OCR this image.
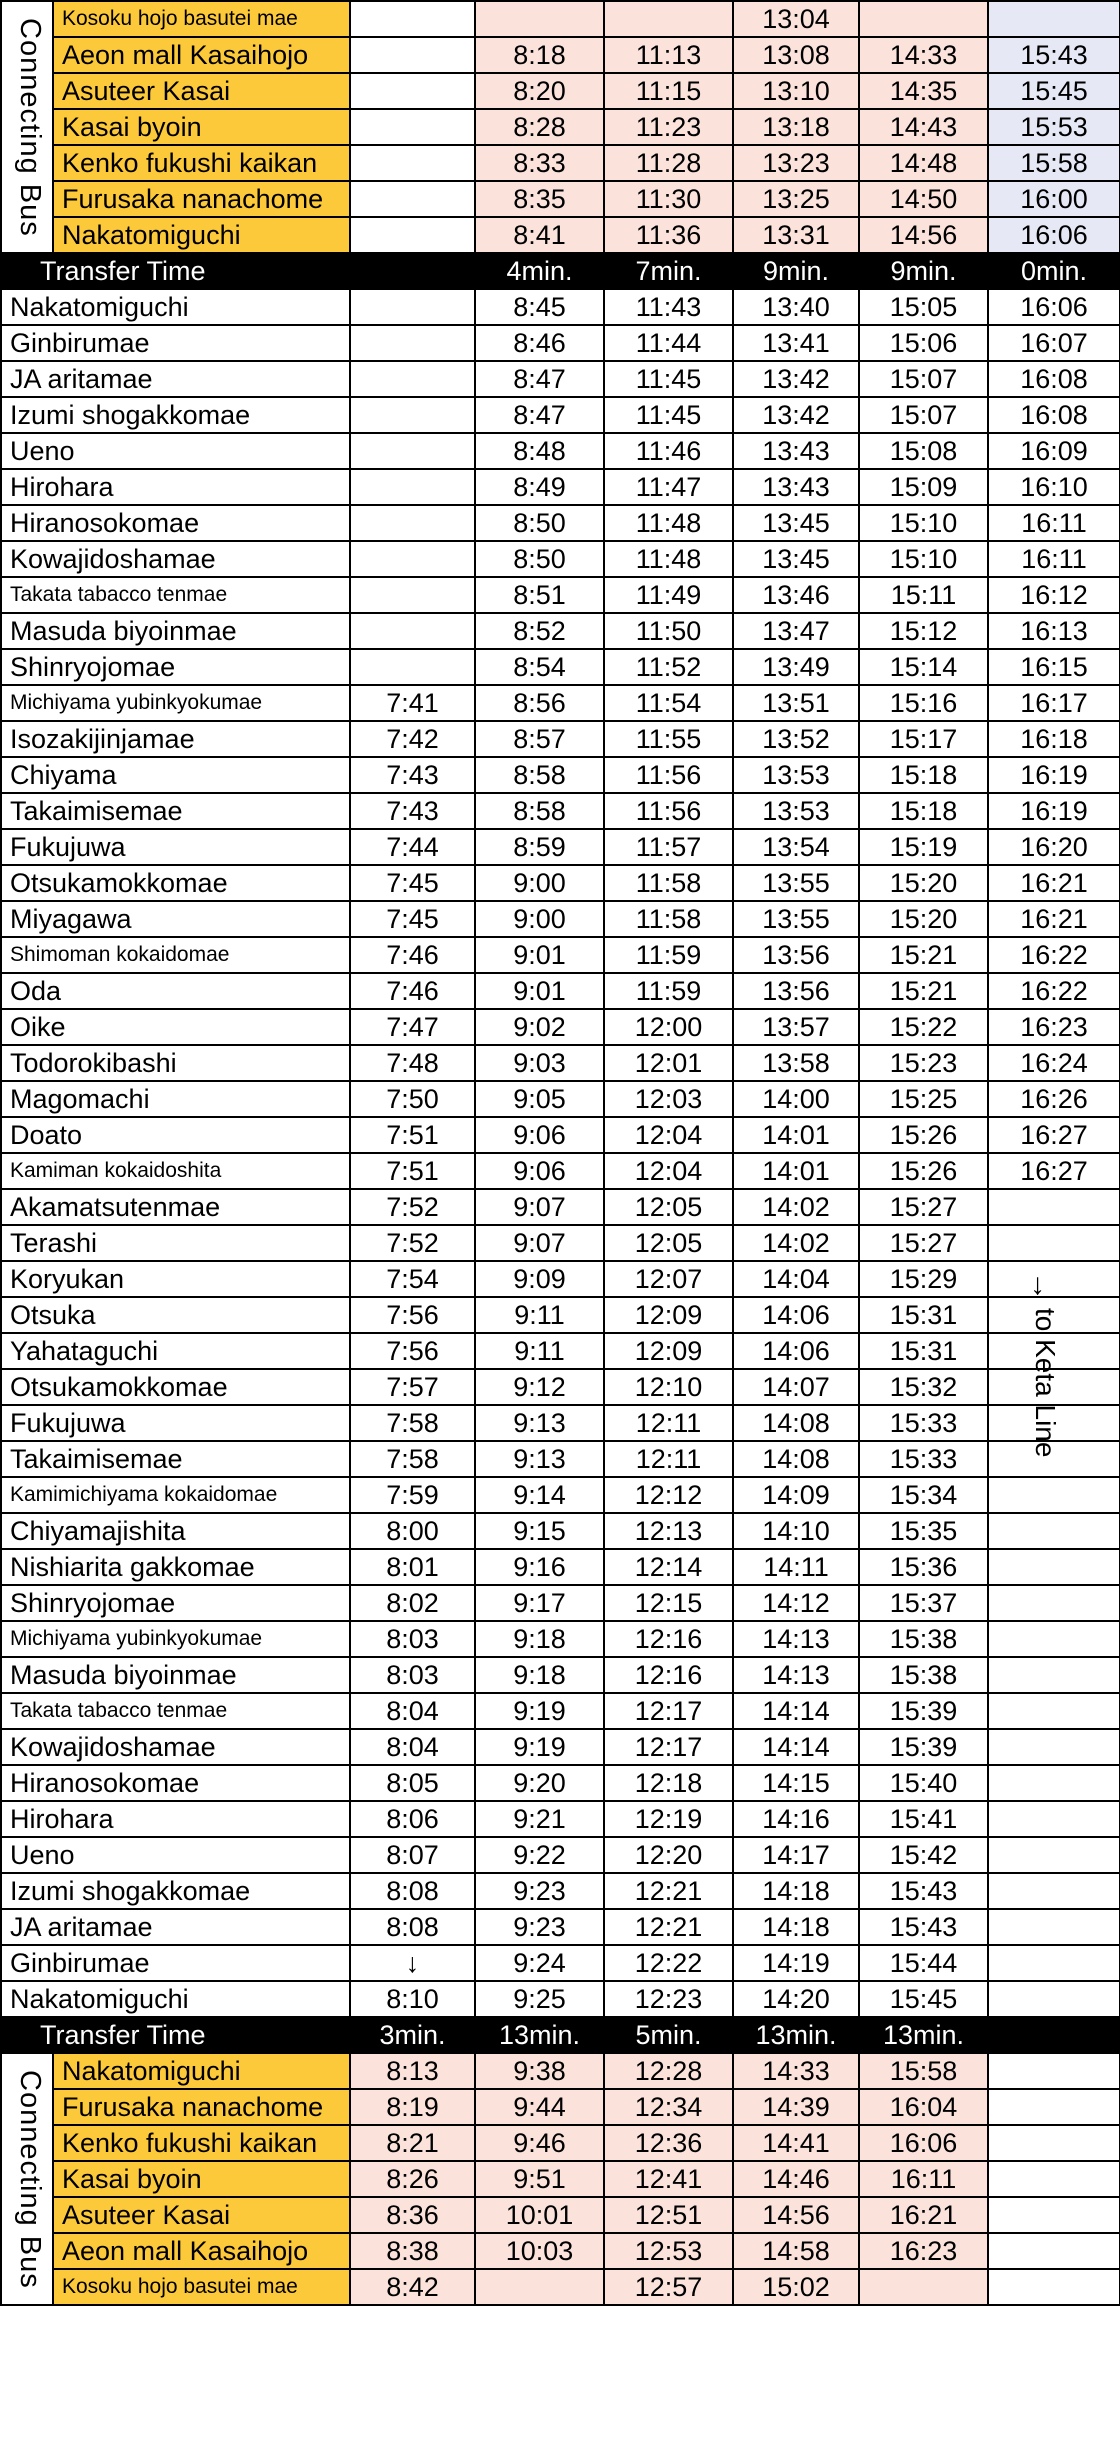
Connecting Bus	Kosoku hojo basutei mae				13:04		
	Aeon mall Kasaihojo		8:18	11:13	13:08	14:33	15:43
	Asuteer Kasai		8:20	11:15	13:10	14:35	15:45
	Kasai byoin		8:28	11:23	13:18	14:43	15:53
	Kenko fukushi kaikan		8:33	11:28	13:23	14:48	15:58
	Furusaka nanachome		8:35	11:30	13:25	14:50	16:00
	Nakatomiguchi		8:41	11:36	13:31	14:56	16:06
Transfer Time			4min.	7min.	9min.	9min.	0min.
Nakatomiguchi			8:45	11:43	13:40	15:05	16:06
Ginbirumae			8:46	11:44	13:41	15:06	16:07
JA aritamae			8:47	11:45	13:42	15:07	16:08
Izumi shogakkomae			8:47	11:45	13:42	15:07	16:08
Ueno			8:48	11:46	13:43	15:08	16:09
Hirohara			8:49	11:47	13:43	15:09	16:10
Hiranosokomae			8:50	11:48	13:45	15:10	16:11
Kowajidoshamae			8:50	11:48	13:45	15:10	16:11
Takata tabacco tenmae			8:51	11:49	13:46	15:11	16:12
Masuda biyoinmae			8:52	11:50	13:47	15:12	16:13
Shinryojomae			8:54	11:52	13:49	15:14	16:15
Michiyama yubinkyokumae		7:41	8:56	11:54	13:51	15:16	16:17
Isozakijinjamae		7:42	8:57	11:55	13:52	15:17	16:18
Chiyama		7:43	8:58	11:56	13:53	15:18	16:19
Takaimisemae		7:43	8:58	11:56	13:53	15:18	16:19
Fukujuwa		7:44	8:59	11:57	13:54	15:19	16:20
Otsukamokkomae		7:45	9:00	11:58	13:55	15:20	16:21
Miyagawa		7:45	9:00	11:58	13:55	15:20	16:21
Shimoman kokaidomae		7:46	9:01	11:59	13:56	15:21	16:22
Oda		7:46	9:01	11:59	13:56	15:21	16:22
Oike		7:47	9:02	12:00	13:57	15:22	16:23
Todorokibashi		7:48	9:03	12:01	13:58	15:23	16:24
Magomachi		7:50	9:05	12:03	14:00	15:25	16:26
Doato		7:51	9:06	12:04	14:01	15:26	16:27
Kamiman kokaidoshita		7:51	9:06	12:04	14:01	15:26	16:27
Akamatsutenmae		7:52	9:07	12:05	14:02	15:27	
Terashi		7:52	9:07	12:05	14:02	15:27	
Koryukan		7:54	9:09	12:07	14:04	15:29	
Otsuka		7:56	9:11	12:09	14:06	15:31	
Yahataguchi		7:56	9:11	12:09	14:06	15:31	
Otsukamokkomae		7:57	9:12	12:10	14:07	15:32	
Fukujuwa		7:58	9:13	12:11	14:08	15:33	
Takaimisemae		7:58	9:13	12:11	14:08	15:33	
Kamimichiyama kokaidomae		7:59	9:14	12:12	14:09	15:34	
Chiyamajishita		8:00	9:15	12:13	14:10	15:35	
Nishiarita gakkomae		8:01	9:16	12:14	14:11	15:36	
Shinryojomae		8:02	9:17	12:15	14:12	15:37	
Michiyama yubinkyokumae		8:03	9:18	12:16	14:13	15:38	
Masuda biyoinmae		8:03	9:18	12:16	14:13	15:38	
Takata tabacco tenmae		8:04	9:19	12:17	14:14	15:39	
Kowajidoshamae		8:04	9:19	12:17	14:14	15:39	
Hiranosokomae		8:05	9:20	12:18	14:15	15:40	
Hirohara		8:06	9:21	12:19	14:16	15:41	
Ueno		8:07	9:22	12:20	14:17	15:42	
Izumi shogakkomae		8:08	9:23	12:21	14:18	15:43	
JA aritamae		8:08	9:23	12:21	14:18	15:43	
Ginbirumae		↓	9:24	12:22	14:19	15:44	
Nakatomiguchi		8:10	9:25	12:23	14:20	15:45	
Transfer Time		3min.	13min.	5min.	13min.	13min.	

Connecting Bus	Nakatomiguchi	8:13	9:38	12:28	14:33	15:58	
	Furusaka nanachome	8:19	9:44	12:34	14:39	16:04	
	Kenko fukushi kaikan	8:21	9:46	12:36	14:41	16:06	
	Kasai byoin	8:26	9:51	12:41	14:46	16:11	
	Asuteer Kasai	8:36	10:01	12:51	14:56	16:21	
	Aeon mall Kasaihojo	8:38	10:03	12:53	14:58	16:23	
	Kosoku hojo basutei mae	8:42		12:57	15:02		
↓
to Keta Line
